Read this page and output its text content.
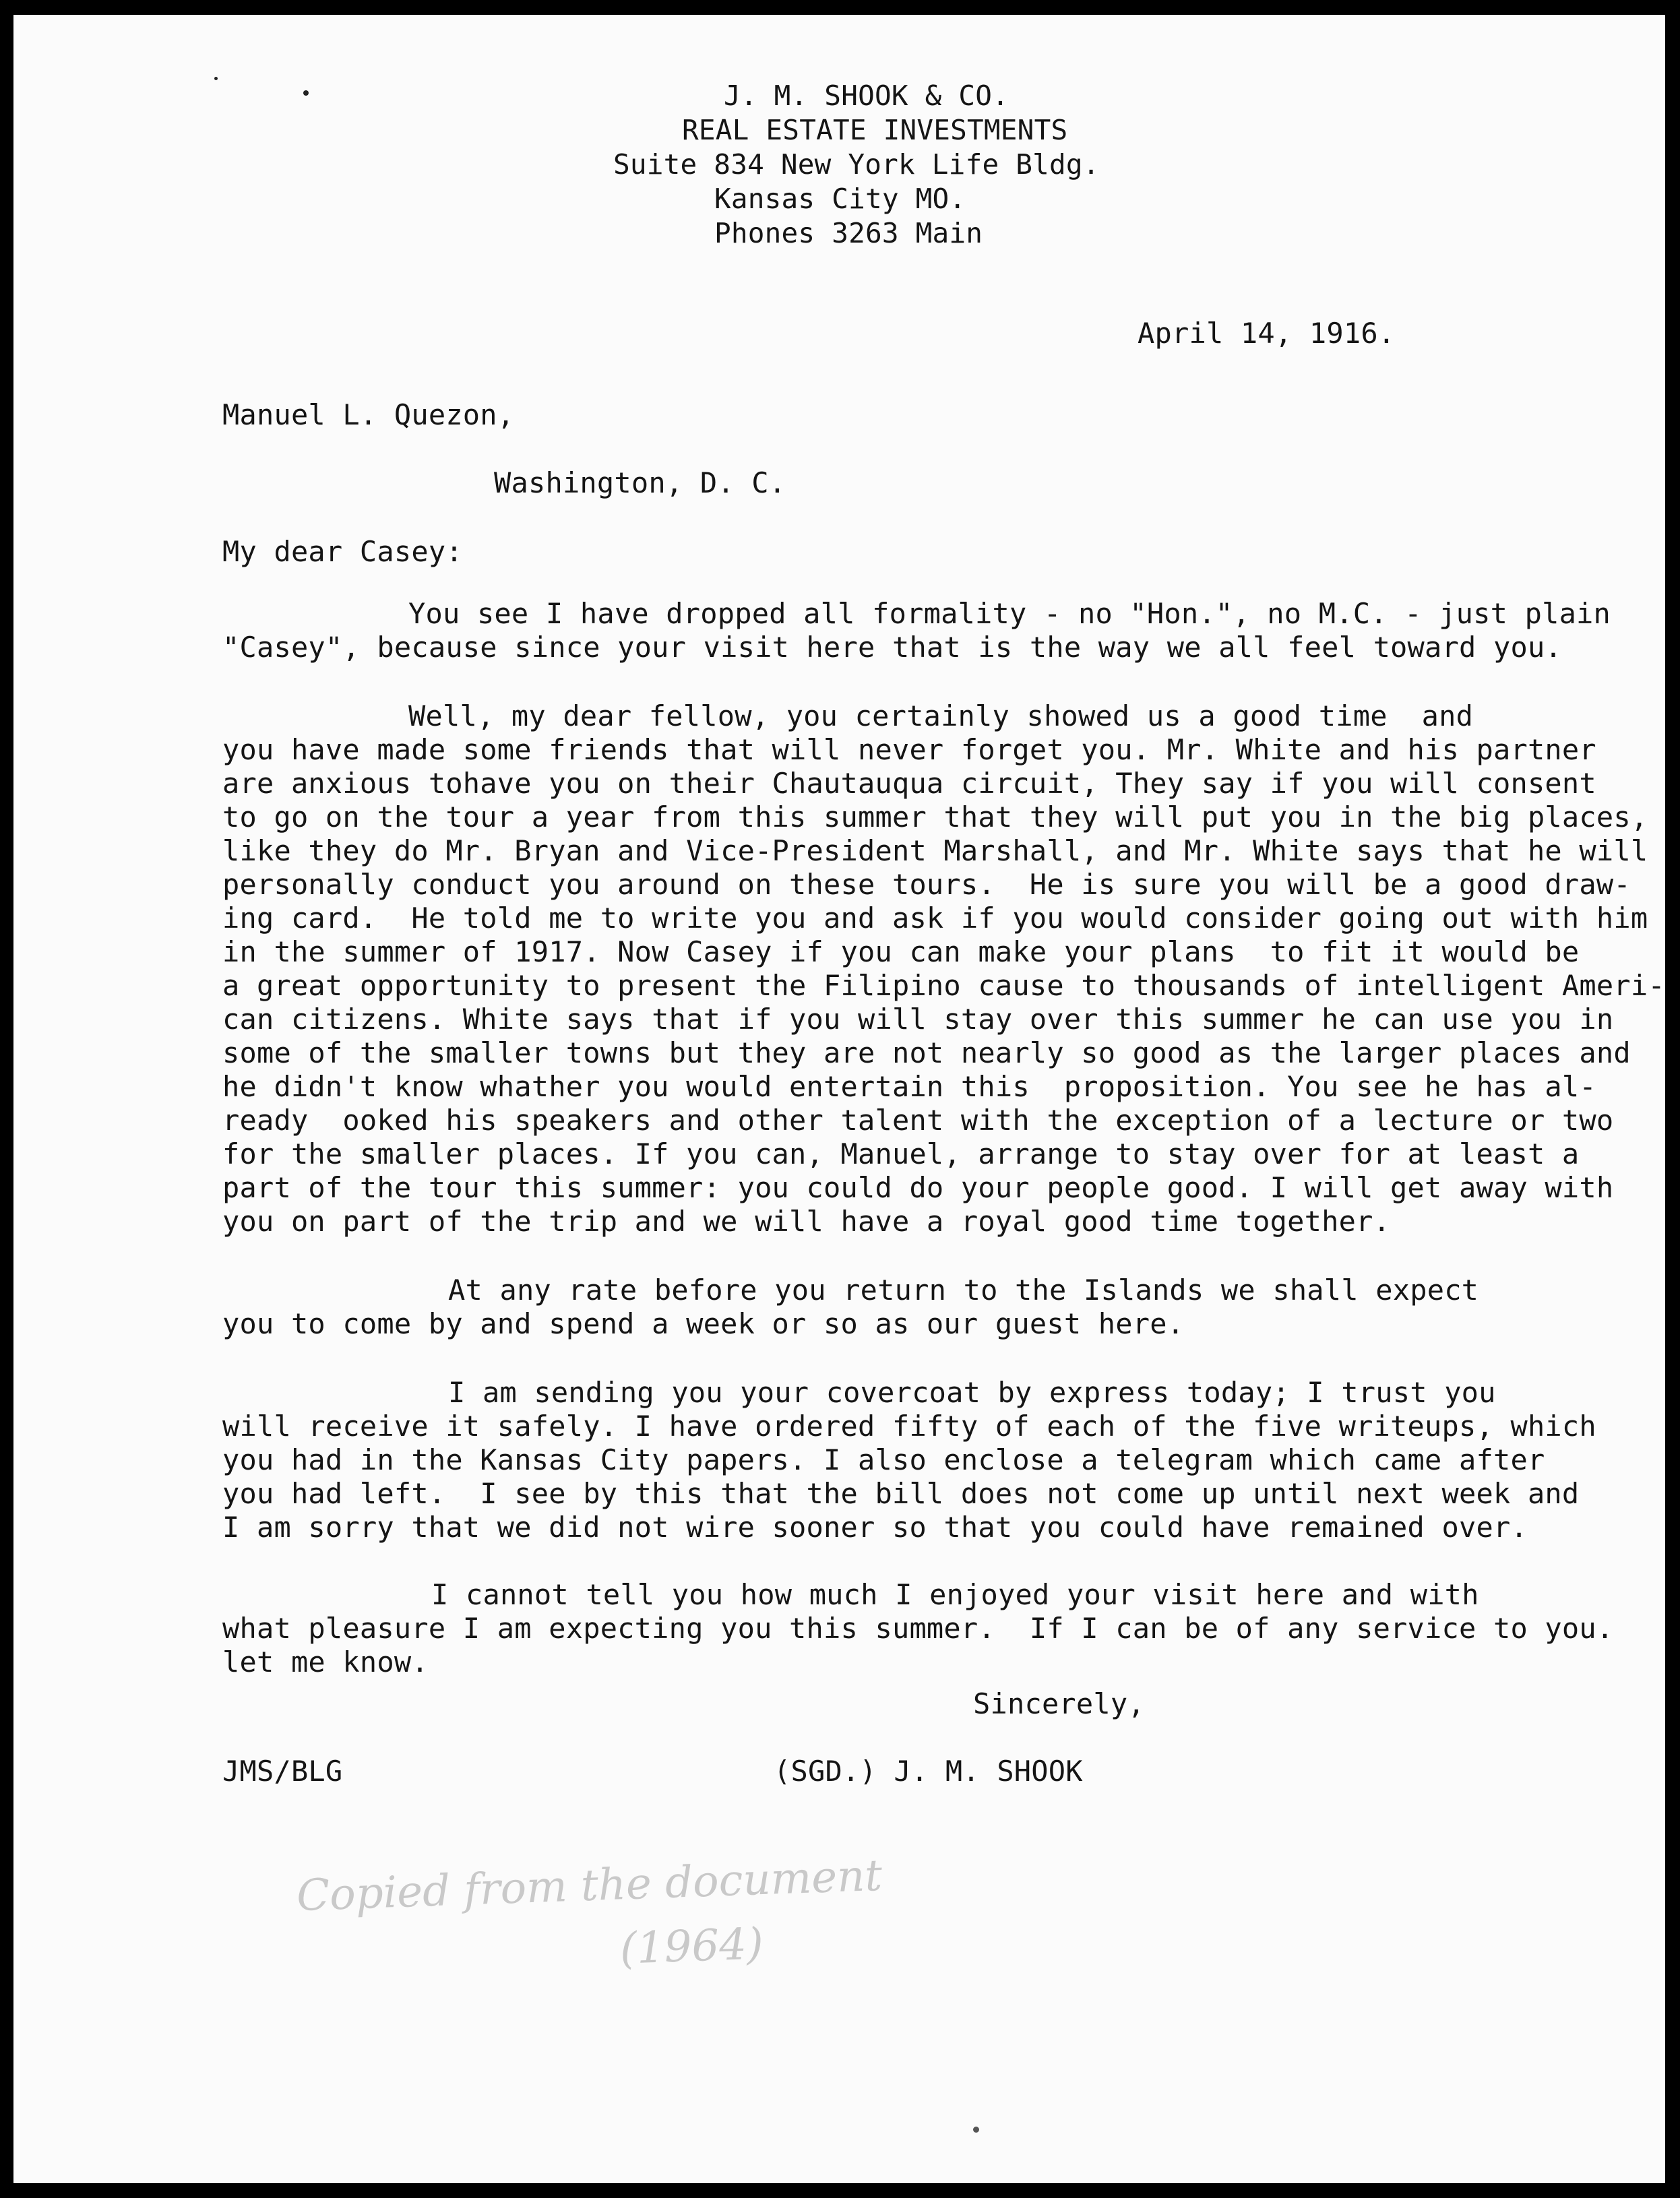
J. M. SHOOK & CO.

REAL ESTATE INVESTMENTS

Suite 834 New York Life Bldg.

Kansas City MO.

Phones 3263 Main

April 14, 1916.

Manuel L. Quezon,

Washington, D. C.

My dear Casey:

You see I have dropped all formality - no "Hon.", no M.C. - just plain

"Casey", because since your visit here that is the way we all feel toward you.

Well, my dear fellow, you certainly showed us a good time  and

you have made some friends that will never forget you. Mr. White and his partner

are anxious tohave you on their Chautauqua circuit, They say if you will consent

to go on the tour a year from this summer that they will put you in the big places,

like they do Mr. Bryan and Vice-President Marshall, and Mr. White says that he will

personally conduct you around on these tours.  He is sure you will be a good draw-

ing card.  He told me to write you and ask if you would consider going out with him

in the summer of 1917. Now Casey if you can make your plans  to fit it would be

a great opportunity to present the Filipino cause to thousands of intelligent Ameri-

can citizens. White says that if you will stay over this summer he can use you in

some of the smaller towns but they are not nearly so good as the larger places and

he didn't know whather you would entertain this  proposition. You see he has al-

ready  ooked his speakers and other talent with the exception of a lecture or two

for the smaller places. If you can, Manuel, arrange to stay over for at least a

part of the tour this summer: you could do your people good. I will get away with

you on part of the trip and we will have a royal good time together.

At any rate before you return to the Islands we shall expect

you to come by and spend a week or so as our guest here.

I am sending you your covercoat by express today; I trust you

will receive it safely. I have ordered fifty of each of the five writeups, which

you had in the Kansas City papers. I also enclose a telegram which came after

you had left.  I see by this that the bill does not come up until next week and

I am sorry that we did not wire sooner so that you could have remained over.

I cannot tell you how much I enjoyed your visit here and with

what pleasure I am expecting you this summer.  If I can be of any service to you.

let me know.

Sincerely,

JMS/BLG	(SGD.) J. M. SHOOK

Copied from the document
(1964)
